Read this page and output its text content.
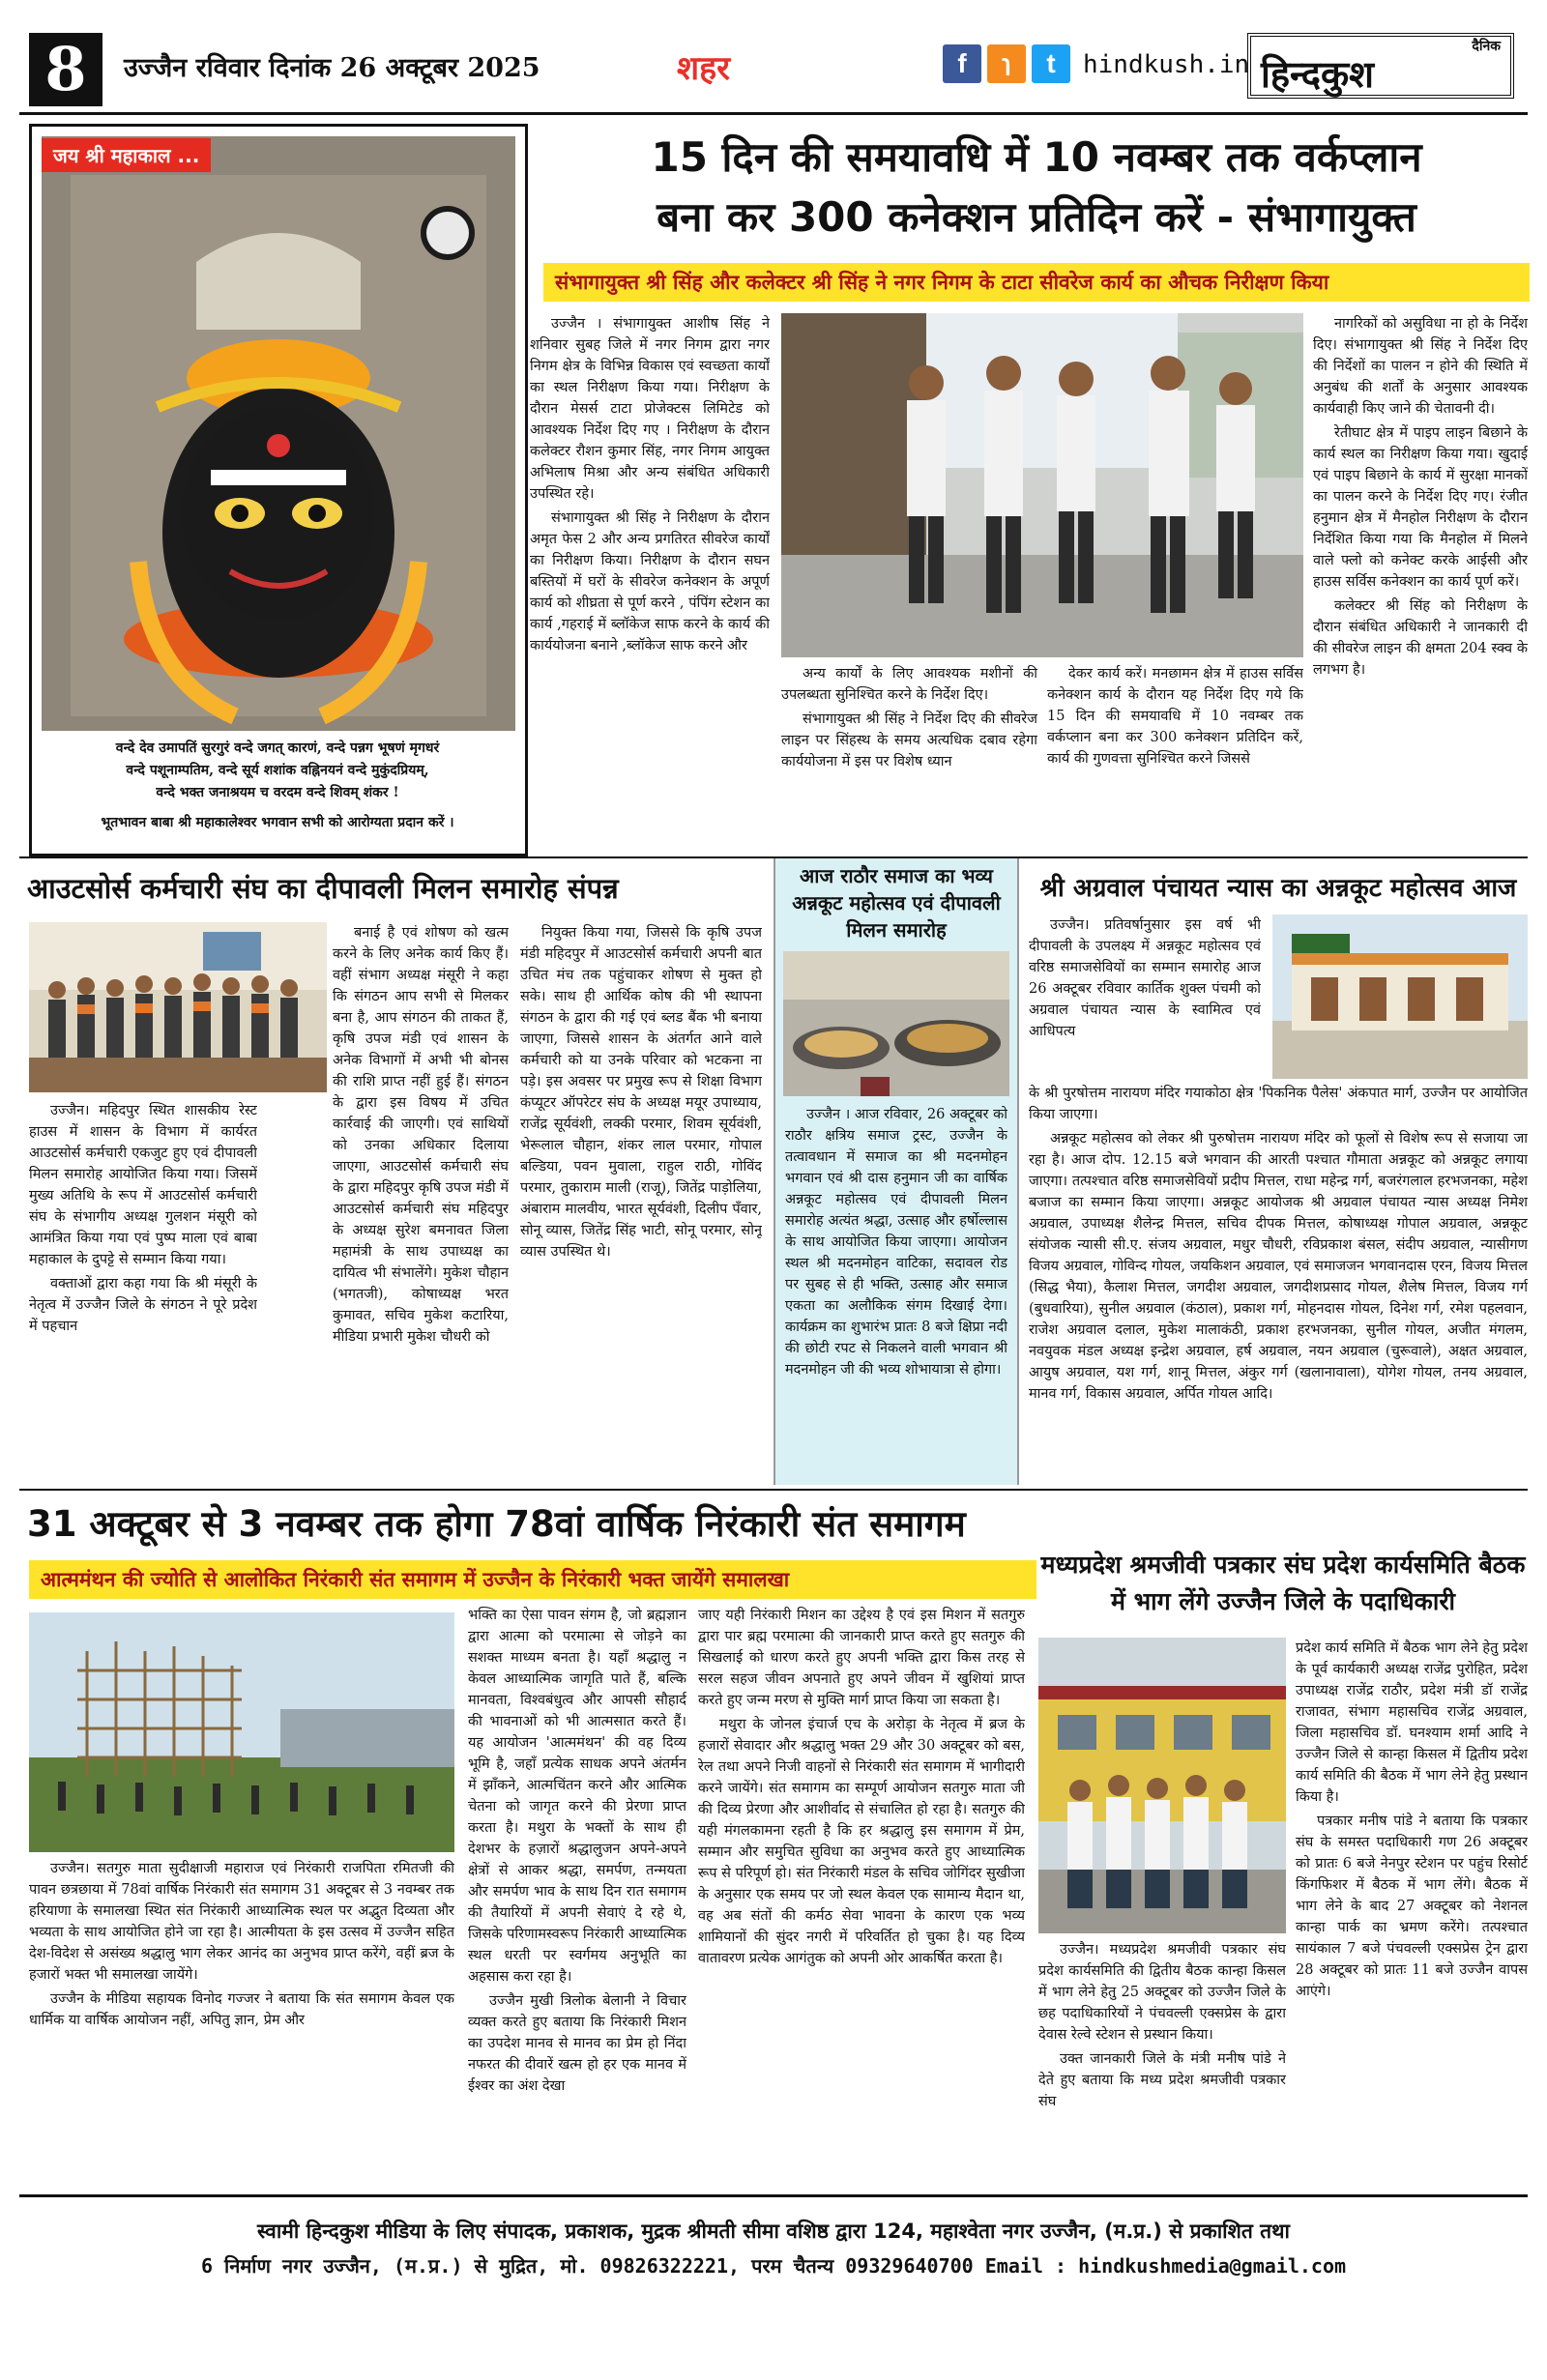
8	उज्जैन रविवार दिनांक 26 अक्टूबर 2025	शहर	f	ɿ	t	hindkush.in
दैनिक
हिन्दकुश
जय श्री महाकाल ...
वन्दे देव उमापतिं सुरगुरं वन्दे जगत् कारणं, वन्दे पन्नग भूषणं मृगधरं
वन्दे पशूनाम्पतिम, वन्दे सूर्य शशांक वह्निनयनं वन्दे मुकुंदप्रियम्,
वन्दे भक्त जनाश्रयम च वरदम वन्दे शिवम् शंकर !
भूतभावन बाबा श्री महाकालेश्वर भगवान सभी को आरोग्यता प्रदान करें ।
15 दिन की समयावधि में 10 नवम्बर तक वर्कप्लान
बना कर 300 कनेक्शन प्रतिदिन करें - संभागायुक्त
संभागायुक्त श्री सिंह और कलेक्टर श्री सिंह ने नगर निगम के टाटा सीवरेज कार्य का औचक निरीक्षण किया

उज्जैन । संभागायुक्त आशीष सिंह ने शनिवार सुबह जिले में नगर निगम द्वारा नगर निगम क्षेत्र के विभिन्न विकास एवं स्वच्छता कार्यों का स्थल निरीक्षण किया गया। निरीक्षण के दौरान मेसर्स टाटा प्रोजेक्टस लिमिटेड को आवश्यक निर्देश दिए गए । निरीक्षण के दौरान कलेक्टर रौशन कुमार सिंह, नगर निगम आयुक्त अभिलाष मिश्रा और अन्य संबंधित अधिकारी उपस्थित रहे।

संभागायुक्त श्री सिंह ने निरीक्षण के दौरान अमृत फेस 2 और अन्य प्रगतिरत सीवरेज कार्यों का निरीक्षण किया। निरीक्षण के दौरान सघन बस्तियों में घरों के सीवरेज कनेक्शन के अपूर्ण कार्य को शीघ्रता से पूर्ण करने , पंपिंग स्टेशन का कार्य ,गहराई में ब्लॉकेज साफ करने के कार्य की कार्ययोजना बनाने ,ब्लॉकेज साफ करने और

अन्य कार्यों के लिए आवश्यक मशीनों की उपलब्धता सुनिश्चित करने के निर्देश दिए।

संभागायुक्त श्री सिंह ने निर्देश दिए की सीवरेज लाइन पर सिंहस्थ के समय अत्यधिक दबाव रहेगा कार्ययोजना में इस पर विशेष ध्यान

देकर कार्य करें। मनछामन क्षेत्र में हाउस सर्विस कनेक्शन कार्य के दौरान यह निर्देश दिए गये कि 15 दिन की समयावधि में 10 नवम्बर तक वर्कप्लान बना कर 300 कनेक्शन प्रतिदिन करें, कार्य की गुणवत्ता सुनिश्चित करने जिससे

नागरिकों को असुविधा ना हो के निर्देश दिए। संभागायुक्त श्री सिंह ने निर्देश दिए की निर्देशों का पालन न होने की स्थिति में अनुबंध की शर्तों के अनुसार आवश्यक कार्यवाही किए जाने की चेतावनी दी।

रेतीघाट क्षेत्र में पाइप लाइन बिछाने के कार्य स्थल का निरीक्षण किया गया। खुदाई एवं पाइप बिछाने के कार्य में सुरक्षा मानकों का पालन करने के निर्देश दिए गए। रंजीत हनुमान क्षेत्र में मैनहोल निरीक्षण के दौरान निर्देशित किया गया कि मैनहोल में मिलने वाले फ्लो को कनेक्ट करके आईसी और हाउस सर्विस कनेक्शन का कार्य पूर्ण करें।

कलेक्टर श्री सिंह को निरीक्षण के दौरान संबंधित अधिकारी ने जानकारी दी की सीवरेज लाइन की क्षमता 204 स्क्व के लगभग है।

आउटसोर्स कर्मचारी संघ का दीपावली मिलन समारोह संपन्न

उज्जैन। महिदपुर स्थित शासकीय रेस्ट हाउस में शासन के विभाग में कार्यरत आउटसोर्स कर्मचारी एकजुट हुए एवं दीपावली मिलन समारोह आयोजित किया गया। जिसमें मुख्य अतिथि के रूप में आउटसोर्स कर्मचारी संघ के संभागीय अध्यक्ष गुलशन मंसूरी को आमंत्रित किया गया एवं पुष्प माला एवं बाबा महाकाल के दुपट्टे से सम्मान किया गया।

वक्ताओं द्वारा कहा गया कि श्री मंसूरी के नेतृत्व में उज्जैन जिले के संगठन ने पूरे प्रदेश में पहचान

बनाई है एवं शोषण को खत्म करने के लिए अनेक कार्य किए हैं। वहीं संभाग अध्यक्ष मंसूरी ने कहा कि संगठन आप सभी से मिलकर बना है, आप संगठन की ताकत हैं, कृषि उपज मंडी एवं शासन के अनेक विभागों में अभी भी बोनस की राशि प्राप्त नहीं हुई हैं। संगठन के द्वारा इस विषय में उचित कार्रवाई की जाएगी। एवं साथियों को उनका अधिकार दिलाया जाएगा, आउटसोर्स कर्मचारी संघ के द्वारा महिदपुर कृषि उपज मंडी में आउटसोर्स कर्मचारी संघ महिदपुर के अध्यक्ष सुरेश बमनावत जिला महामंत्री के साथ उपाध्यक्ष का दायित्व भी संभालेंगे। मुकेश चौहान (भगतजी), कोषाध्यक्ष भरत कुमावत, सचिव मुकेश कटारिया, मीडिया प्रभारी मुकेश चौधरी को

नियुक्त किया गया, जिससे कि कृषि उपज मंडी महिदपुर में आउटसोर्स कर्मचारी अपनी बात उचित मंच तक पहुंचाकर शोषण से मुक्त हो सके। साथ ही आर्थिक कोष की भी स्थापना संगठन के द्वारा की गई एवं ब्लड बैंक भी बनाया जाएगा, जिससे शासन के अंतर्गत आने वाले कर्मचारी को या उनके परिवार को भटकना ना पड़े। इस अवसर पर प्रमुख रूप से शिक्षा विभाग कंप्यूटर ऑपरेटर संघ के अध्यक्ष मयूर उपाध्याय, राजेंद्र सूर्यवंशी, लक्की परमार, शिवम सूर्यवंशी, भेरूलाल चौहान, शंकर लाल परमार, गोपाल बल्डिया, पवन मुवाला, राहुल राठी, गोविंद परमार, तुकाराम माली (राजू), जितेंद्र पाड़ोलिया, अंबाराम मालवीय, भारत सूर्यवंशी, दिलीप पँवार, सोनू व्यास, जितेंद्र सिंह भाटी, सोनू परमार, सोनू व्यास उपस्थित थे।

आज राठौर समाज का भव्य अन्नकूट महोत्सव एवं दीपावली मिलन समारोह

उज्जैन । आज रविवार, 26 अक्टूबर को राठौर क्षत्रिय समाज ट्रस्ट, उज्जैन के तत्वावधान में समाज का श्री मदनमोहन भगवान एवं श्री दास हनुमान जी का वार्षिक अन्नकूट महोत्सव एवं दीपावली मिलन समारोह अत्यंत श्रद्धा, उत्साह और हर्षोल्लास के साथ आयोजित किया जाएगा। आयोजन स्थल श्री मदनमोहन वाटिका, सदावल रोड पर सुबह से ही भक्ति, उत्साह और समाज एकता का अलौकिक संगम दिखाई देगा। कार्यक्रम का शुभारंभ प्रातः 8 बजे क्षिप्रा नदी की छोटी रपट से निकलने वाली भगवान श्री मदनमोहन जी की भव्य शोभायात्रा से होगा।

श्री अग्रवाल पंचायत न्यास का अन्नकूट महोत्सव आज

उज्जैन। प्रतिवर्षानुसार इस वर्ष भी दीपावली के उपलक्ष्य में अन्नकूट महोत्सव एवं वरिष्ठ समाजसेवियों का सम्मान समारोह आज 26 अक्टूबर रविवार कार्तिक शुक्ल पंचमी को अग्रवाल पंचायत न्यास के स्वामित्व एवं आधिपत्य

के श्री पुरषोत्तम नारायण मंदिर गयाकोठा क्षेत्र 'पिकनिक पैलेस' अंकपात मार्ग, उज्जैन पर आयोजित किया जाएगा।

अन्नकूट महोत्सव को लेकर श्री पुरुषोत्तम नारायण मंदिर को फूलों से विशेष रूप से सजाया जा रहा है। आज दोप. 12.15 बजे भगवान की आरती पश्चात गौमाता अन्नकूट को अन्नकूट लगाया जाएगा। तत्पश्चात वरिष्ठ समाजसेवियों प्रदीप मित्तल, राधा महेन्द्र गर्ग, बजरंगलाल हरभजनका, महेश बजाज का सम्मान किया जाएगा। अन्नकूट आयोजक श्री अग्रवाल पंचायत न्यास अध्यक्ष निमेश अग्रवाल, उपाध्यक्ष शैलेन्द्र मित्तल, सचिव दीपक मित्तल, कोषाध्यक्ष गोपाल अग्रवाल, अन्नकूट संयोजक न्यासी सी.ए. संजय अग्रवाल, मधुर चौधरी, रविप्रकाश बंसल, संदीप अग्रवाल, न्यासीगण विजय अग्रवाल, गोविन्द गोयल, जयकिशन अग्रवाल, एवं समाजजन भगवानदास एरन, विजय मित्तल (सिद्ध भैया), कैलाश मित्तल, जगदीश अग्रवाल, जगदीशप्रसाद गोयल, शैलेष मित्तल, विजय गर्ग (बुधवारिया), सुनील अग्रवाल (कंठाल), प्रकाश गर्ग, मोहनदास गोयल, दिनेश गर्ग, रमेश पहलवान, राजेश अग्रवाल दलाल, मुकेश मालाकंठी, प्रकाश हरभजनका, सुनील गोयल, अजीत मंगलम, नवयुवक मंडल अध्यक्ष इन्द्रेश अग्रवाल, हर्ष अग्रवाल, नयन अग्रवाल (चुरूवाले), अक्षत अग्रवाल, आयुष अग्रवाल, यश गर्ग, शानू मित्तल, अंकुर गर्ग (खलानावाला), योगेश गोयल, तनय अग्रवाल, मानव गर्ग, विकास अग्रवाल, अर्पित गोयल आदि।

31 अक्टूबर से 3 नवम्बर तक होगा 78वां वार्षिक निरंकारी संत समागम
आत्ममंथन की ज्योति से आलोकित निरंकारी संत समागम में उज्जैन के निरंकारी भक्त जायेंगे समालखा

उज्जैन। सतगुरु माता सुदीक्षाजी महाराज एवं निरंकारी राजपिता रमितजी की पावन छत्रछाया में 78वां वार्षिक निरंकारी संत समागम 31 अक्टूबर से 3 नवम्बर तक हरियाणा के समालखा स्थित संत निरंकारी आध्यात्मिक स्थल पर अद्भुत दिव्यता और भव्यता के साथ आयोजित होने जा रहा है। आत्मीयता के इस उत्सव में उज्जैन सहित देश-विदेश से असंख्य श्रद्धालु भाग लेकर आनंद का अनुभव प्राप्त करेंगे, वहीं ब्रज के हजारों भक्त भी समालखा जायेंगे।

उज्जैन के मीडिया सहायक विनोद गज्जर ने बताया कि संत समागम केवल एक धार्मिक या वार्षिक आयोजन नहीं, अपितु ज्ञान, प्रेम और

भक्ति का ऐसा पावन संगम है, जो ब्रह्मज्ञान द्वारा आत्मा को परमात्मा से जोड़ने का सशक्त माध्यम बनता है। यहाँ श्रद्धालु न केवल आध्यात्मिक जागृति पाते हैं, बल्कि मानवता, विश्वबंधुत्व और आपसी सौहार्द की भावनाओं को भी आत्मसात करते हैं। यह आयोजन 'आत्ममंथन' की वह दिव्य भूमि है, जहाँ प्रत्येक साधक अपने अंतर्मन में झाँकने, आत्मचिंतन करने और आत्मिक चेतना को जागृत करने की प्रेरणा प्राप्त करता है। मथुरा के भक्तों के साथ ही देशभर के हज़ारों श्रद्धालुजन अपने-अपने क्षेत्रों से आकर श्रद्धा, समर्पण, तन्मयता और समर्पण भाव के साथ दिन रात समागम की तैयारियों में अपनी सेवाएं दे रहे थे, जिसके परिणामस्वरूप निरंकारी आध्यात्मिक स्थल धरती पर स्वर्गमय अनुभूति का अहसास करा रहा है।

उज्जैन मुखी त्रिलोक बेलानी ने विचार व्यक्त करते हुए बताया कि निरंकारी मिशन का उपदेश मानव से मानव का प्रेम हो निंदा नफरत की दीवारें खत्म हो हर एक मानव में ईश्वर का अंश देखा

जाए यही निरंकारी मिशन का उद्देश्य है एवं इस मिशन में सतगुरु द्वारा पार ब्रह्म परमात्मा की जानकारी प्राप्त करते हुए सतगुरु की सिखलाई को धारण करते हुए अपनी भक्ति द्वारा किस तरह से सरल सहज जीवन अपनाते हुए अपने जीवन में खुशियां प्राप्त करते हुए जन्म मरण से मुक्ति मार्ग प्राप्त किया जा सकता है।

मथुरा के जोनल इंचार्ज एच के अरोड़ा के नेतृत्व में ब्रज के हजारों सेवादार और श्रद्धालु भक्त 29 और 30 अक्टूबर को बस, रेल तथा अपने निजी वाहनों से निरंकारी संत समागम में भागीदारी करने जायेंगे। संत समागम का सम्पूर्ण आयोजन सतगुरु माता जी की दिव्य प्रेरणा और आशीर्वाद से संचालित हो रहा है। सतगुरु की यही मंगलकामना रहती है कि हर श्रद्धालु इस समागम में प्रेम, सम्मान और समुचित सुविधा का अनुभव करते हुए आध्यात्मिक रूप से परिपूर्ण हो। संत निरंकारी मंडल के सचिव जोगिंदर सुखीजा के अनुसार एक समय पर जो स्थल केवल एक सामान्य मैदान था, वह अब संतों की कर्मठ सेवा भावना के कारण एक भव्य शामियानों की सुंदर नगरी में परिवर्तित हो चुका है। यह दिव्य वातावरण प्रत्येक आगंतुक को अपनी ओर आकर्षित करता है।

मध्यप्रदेश श्रमजीवी पत्रकार संघ प्रदेश कार्यसमिति बैठक में भाग लेंगे उज्जैन जिले के पदाधिकारी

प्रदेश कार्य समिति में बैठक भाग लेने हेतु प्रदेश के पूर्व कार्यकारी अध्यक्ष राजेंद्र पुरोहित, प्रदेश उपाध्यक्ष राजेंद्र राठौर, प्रदेश मंत्री डॉ राजेंद्र राजावत, संभाग महासचिव राजेंद्र अग्रवाल, जिला महासचिव डॉ. घनश्याम शर्मा आदि ने उज्जैन जिले से कान्हा किसल में द्वितीय प्रदेश कार्य समिति की बैठक में भाग लेने हेतु प्रस्थान किया है।

पत्रकार मनीष पांडे ने बताया कि पत्रकार संघ के समस्त पदाधिकारी गण 26 अक्टूबर को प्रातः 6 बजे नेनपुर स्टेशन पर पहुंच रिसोर्ट किंगफिशर में बैठक में भाग लेंगे। बैठक में भाग लेने के बाद 27 अक्टूबर को नेशनल कान्हा पार्क का भ्रमण करेंगे। तत्पश्चात सायंकाल 7 बजे पंचवल्ली एक्सप्रेस ट्रेन द्वारा 28 अक्टूबर को प्रातः 11 बजे उज्जैन वापस आएंगे।

उज्जैन। मध्यप्रदेश श्रमजीवी पत्रकार संघ प्रदेश कार्यसमिति की द्वितीय बैठक कान्हा किसल में भाग लेने हेतु 25 अक्टूबर को उज्जैन जिले के छह पदाधिकारियों ने पंचवल्ली एक्सप्रेस के द्वारा देवास रेल्वे स्टेशन से प्रस्थान किया।

उक्त जानकारी जिले के मंत्री मनीष पांडे ने देते हुए बताया कि मध्य प्रदेश श्रमजीवी पत्रकार संघ

स्वामी हिन्दकुश मीडिया के लिए संपादक, प्रकाशक, मुद्रक श्रीमती सीमा वशिष्ठ द्वारा 124, महाश्वेता नगर उज्जैन, (म.प्र.) से प्रकाशित तथा
6 निर्माण नगर उज्जैन, (म.प्र.) से मुद्रित, मो. 09826322221, परम चैतन्य 09329640700 Email : hindkushmedia@gmail.com
